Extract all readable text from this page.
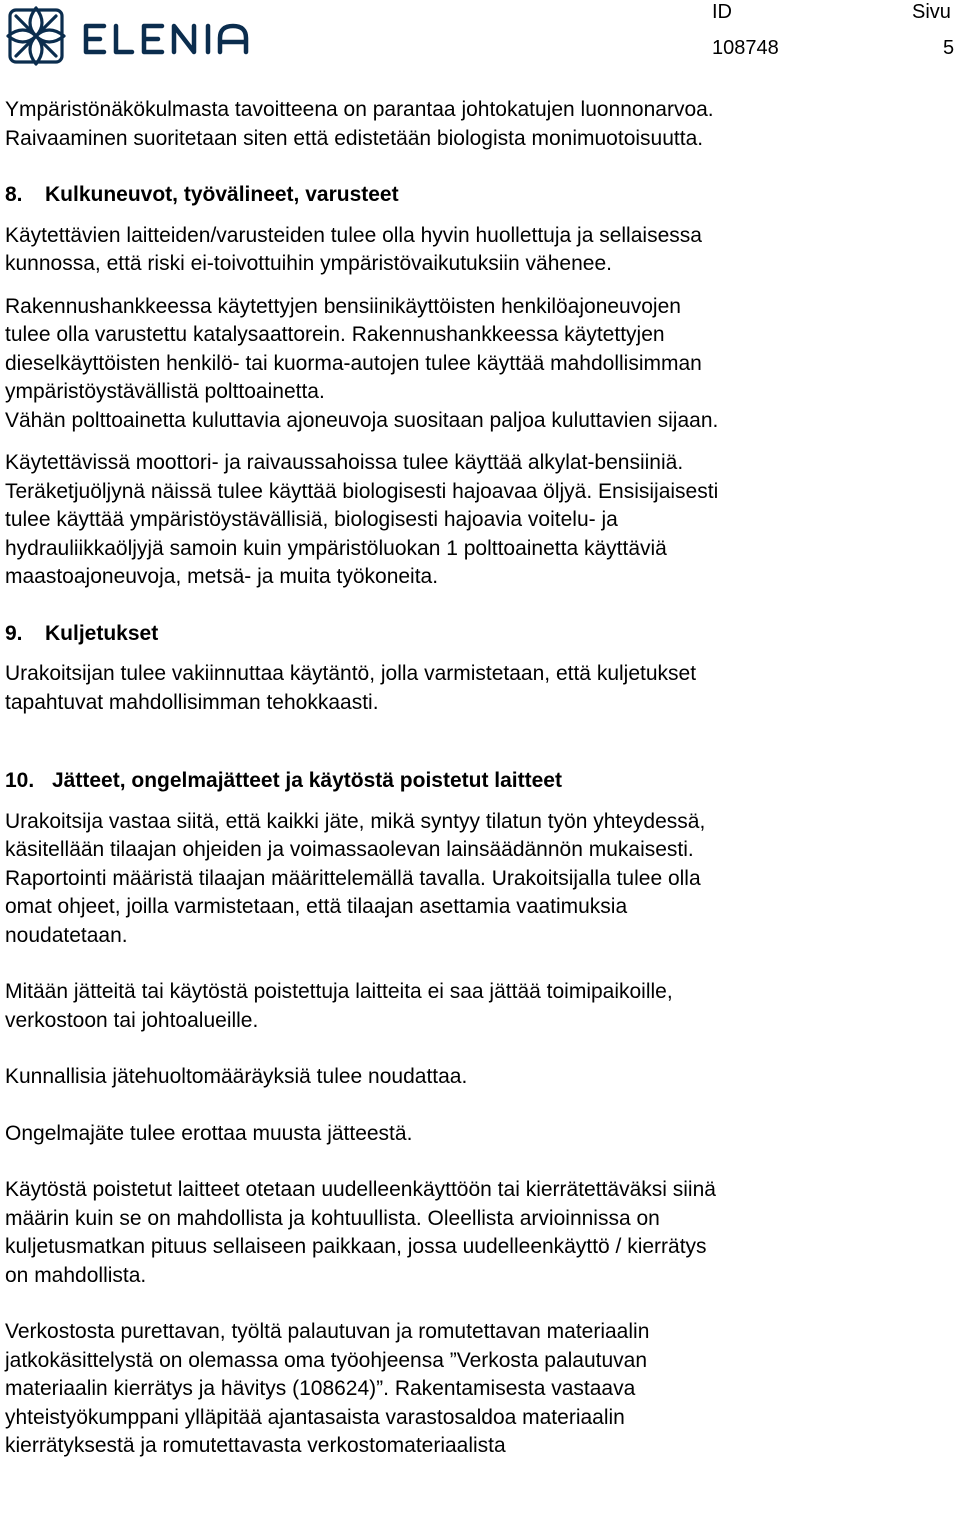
ID	Sivu
108748	5

Ympäristönäkökulmasta tavoitteena on parantaa johtokatujen luonnonarvoa.
Raivaaminen suoritetaan siten että edistetään biologista monimuotoisuutta.

8. Kulkuneuvot, työvälineet, varusteet

Käytettävien laitteiden/varusteiden tulee olla hyvin huollettuja ja sellaisessa
kunnossa, että riski ei-toivottuihin ympäristövaikutuksiin vähenee.

Rakennushankkeessa käytettyjen bensiinikäyttöisten henkilöajoneuvojen
tulee olla varustettu katalysaattorein. Rakennushankkeessa käytettyjen
dieselkäyttöisten henkilö- tai kuorma-autojen tulee käyttää mahdollisimman
ympäristöystävällistä polttoainetta.
Vähän polttoainetta kuluttavia ajoneuvoja suositaan paljoa kuluttavien sijaan.

Käytettävissä moottori- ja raivaussahoissa tulee käyttää alkylat-bensiiniä.
Teräketjuöljynä näissä tulee käyttää biologisesti hajoavaa öljyä. Ensisijaisesti
tulee käyttää ympäristöystävällisiä, biologisesti hajoavia voitelu- ja
hydrauliikkaöljyjä samoin kuin ympäristöluokan 1 polttoainetta käyttäviä
maastoajoneuvoja, metsä- ja muita työkoneita.

9. Kuljetukset

Urakoitsijan tulee vakiinnuttaa käytäntö, jolla varmistetaan, että kuljetukset
tapahtuvat mahdollisimman tehokkaasti.

10. Jätteet, ongelmajätteet ja käytöstä poistetut laitteet

Urakoitsija vastaa siitä, että kaikki jäte, mikä syntyy tilatun työn yhteydessä,
käsitellään tilaajan ohjeiden ja voimassaolevan lainsäädännön mukaisesti.
Raportointi määristä tilaajan määrittelemällä tavalla. Urakoitsijalla tulee olla
omat ohjeet, joilla varmistetaan, että tilaajan asettamia vaatimuksia
noudatetaan.

Mitään jätteitä tai käytöstä poistettuja laitteita ei saa jättää toimipaikoille,
verkostoon tai johtoalueille.

Kunnallisia jätehuoltomääräyksiä tulee noudattaa.

Ongelmajäte tulee erottaa muusta jätteestä.

Käytöstä poistetut laitteet otetaan uudelleenkäyttöön tai kierrätettäväksi siinä
määrin kuin se on mahdollista ja kohtuullista. Oleellista arvioinnissa on
kuljetusmatkan pituus sellaiseen paikkaan, jossa uudelleenkäyttö / kierrätys
on mahdollista.

Verkostosta purettavan, työltä palautuvan ja romutettavan materiaalin
jatkokäsittelystä on olemassa oma työohjeensa ”Verkosta palautuvan
materiaalin kierrätys ja hävitys (108624)”. Rakentamisesta vastaava
yhteistyökumppani ylläpitää ajantasaista varastosaldoa materiaalin
kierrätyksestä ja romutettavasta verkostomateriaalista
